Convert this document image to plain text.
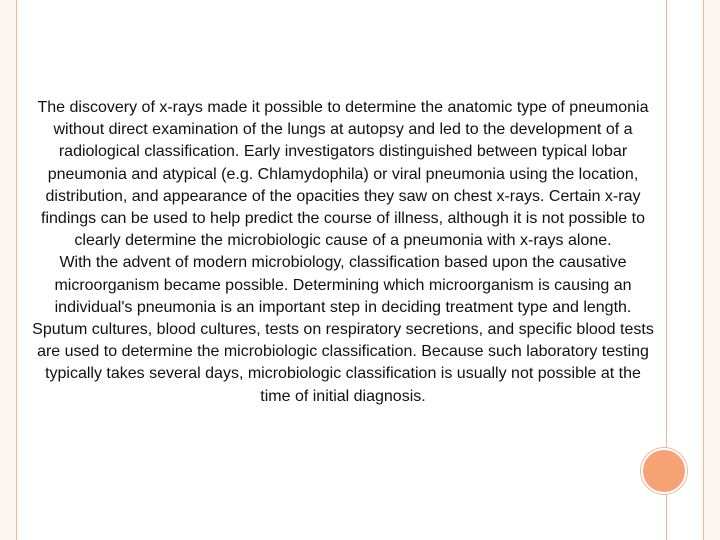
The discovery of x-rays made it possible to determine the anatomic type of pneumonia without direct examination of the lungs at autopsy and led to the development of a radiological classification. Early investigators distinguished between typical lobar pneumonia and atypical (e.g. Chlamydophila) or viral pneumonia using the location, distribution, and appearance of the opacities they saw on chest x-rays. Certain x-ray findings can be used to help predict the course of illness, although it is not possible to clearly determine the microbiologic cause of a pneumonia with x-rays alone.

With the advent of modern microbiology, classification based upon the causative microorganism became possible. Determining which microorganism is causing an individual's pneumonia is an important step in deciding treatment type and length. Sputum cultures, blood cultures, tests on respiratory secretions, and specific blood tests are used to determine the microbiologic classification. Because such laboratory testing typically takes several days, microbiologic classification is usually not possible at the time of initial diagnosis.
